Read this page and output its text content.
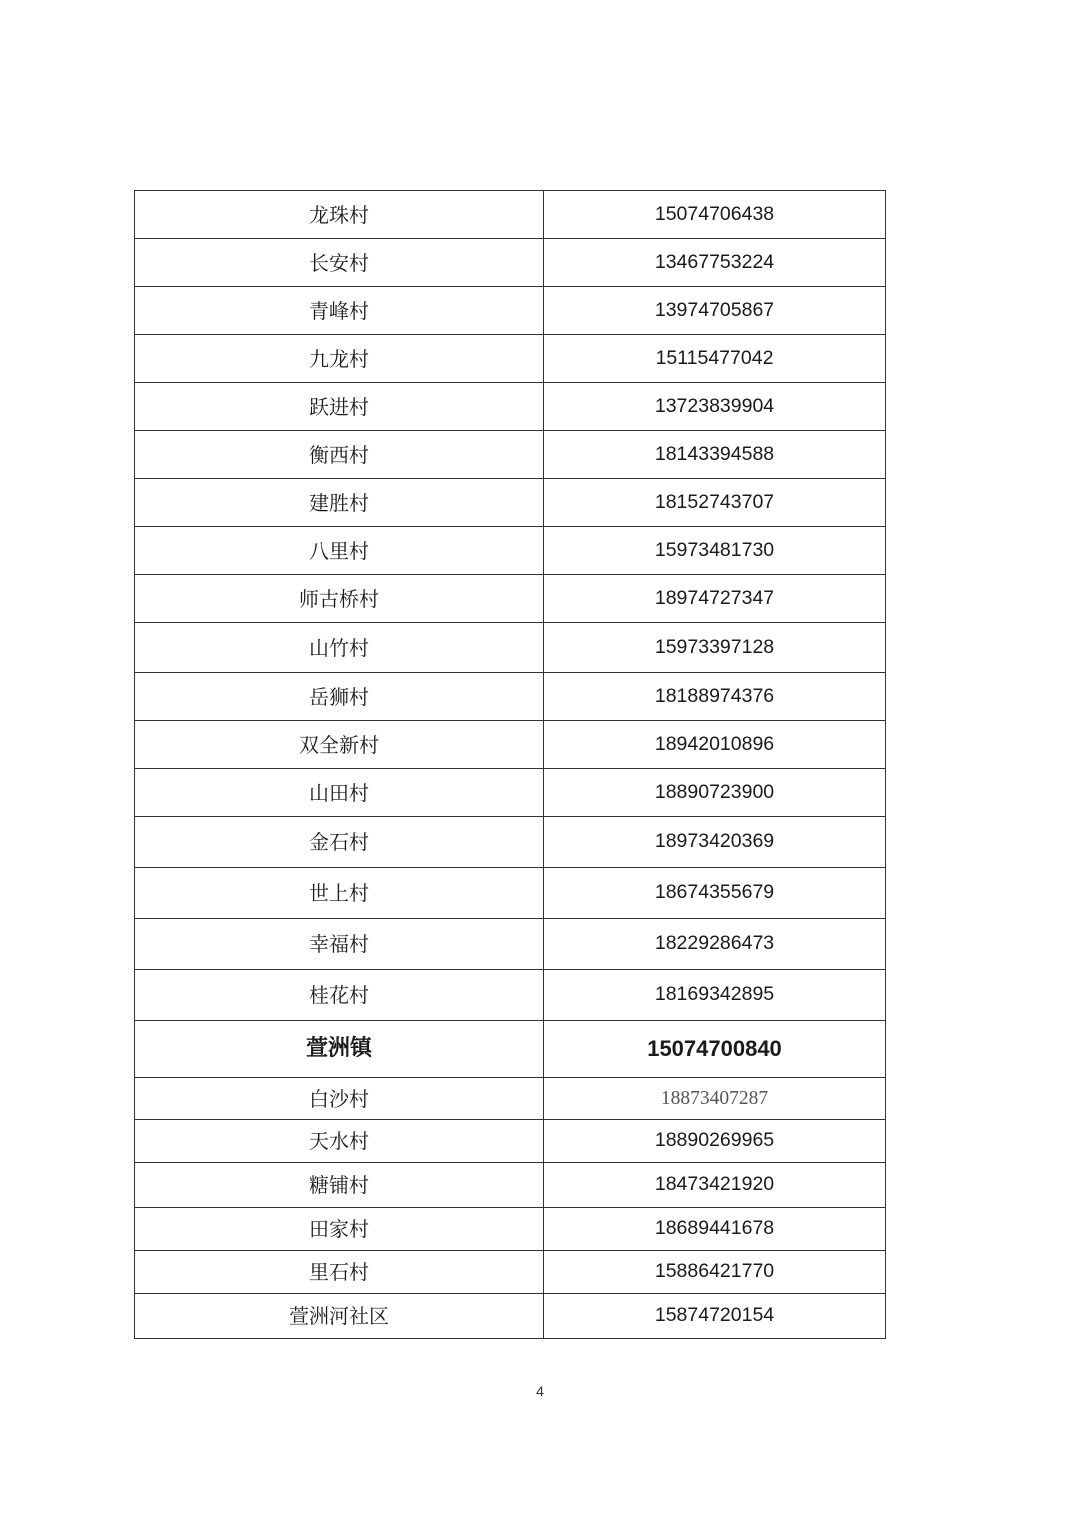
龙珠村	15074706438
长安村	13467753224
青峰村	13974705867
九龙村	15115477042
跃进村	13723839904
衡西村	18143394588
建胜村	18152743707
八里村	15973481730
师古桥村	18974727347
山竹村	15973397128
岳狮村	18188974376
双全新村	18942010896
山田村	18890723900
金石村	18973420369
世上村	18674355679
幸福村	18229286473
桂花村	18169342895
萱洲镇	15074700840
白沙村	18873407287
天水村	18890269965
糖铺村	18473421920
田家村	18689441678
里石村	15886421770
萱洲河社区	15874720154
4
